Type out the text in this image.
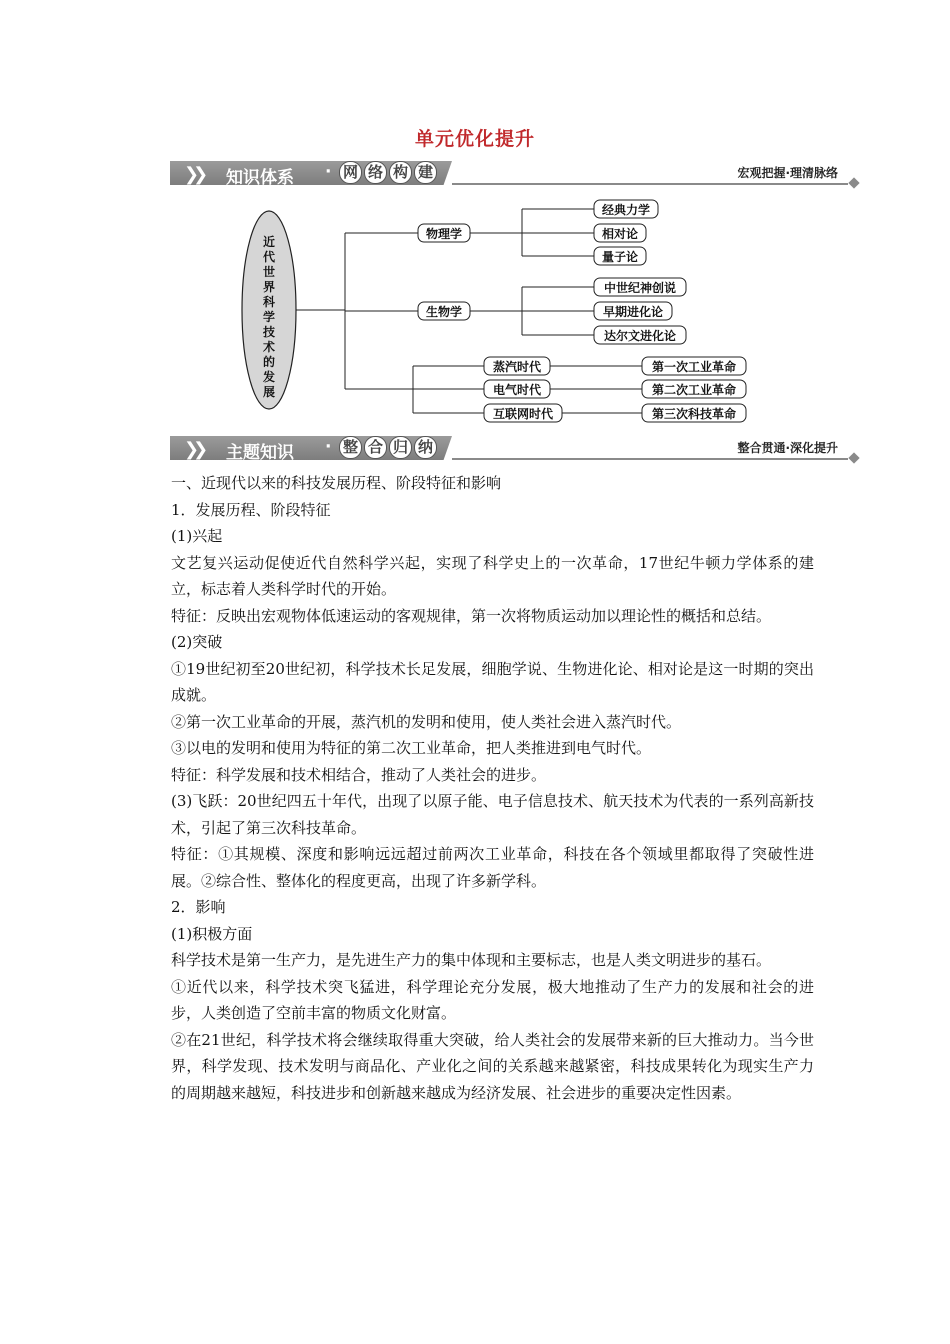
单元优化提升
❯❯ 知识体系 · 网 络 构 建	宏观把握·理清脉络
近
代
世
界
科
学
技
术
的
发
展
物理学
生物学
经典力学
相对论
量子论
中世纪神创说
早期进化论
达尔文进化论
蒸汽时代
电气时代
互联网时代
第一次工业革命
第二次工业革命
第三次科技革命
❯❯ 主题知识 · 整 合 归 纳	整合贯通·深化提升

一、近现代以来的科技发展历程、阶段特征和影响

1．发展历程、阶段特征

(1)兴起

文艺复兴运动促使近代自然科学兴起，实现了科学史上的一次革命，17世纪牛顿力学体系的建立，标志着人类科学时代的开始。

特征：反映出宏观物体低速运动的客观规律，第一次将物质运动加以理论性的概括和总结。

(2)突破

①19世纪初至20世纪初，科学技术长足发展，细胞学说、生物进化论、相对论是这一时期的突出成就。

②第一次工业革命的开展，蒸汽机的发明和使用，使人类社会进入蒸汽时代。

③以电的发明和使用为特征的第二次工业革命，把人类推进到电气时代。

特征：科学发展和技术相结合，推动了人类社会的进步。

(3)飞跃：20世纪四五十年代，出现了以原子能、电子信息技术、航天技术为代表的一系列高新技术，引起了第三次科技革命。

特征：①其规模、深度和影响远远超过前两次工业革命，科技在各个领域里都取得了突破性进展。②综合性、整体化的程度更高，出现了许多新学科。

2．影响

(1)积极方面

科学技术是第一生产力，是先进生产力的集中体现和主要标志，也是人类文明进步的基石。

①近代以来，科学技术突飞猛进，科学理论充分发展，极大地推动了生产力的发展和社会的进步，人类创造了空前丰富的物质文化财富。

②在21世纪，科学技术将会继续取得重大突破，给人类社会的发展带来新的巨大推动力。当今世界，科学发现、技术发明与商品化、产业化之间的关系越来越紧密，科技成果转化为现实生产力的周期越来越短，科技进步和创新越来越成为经济发展、社会进步的重要决定性因素。
